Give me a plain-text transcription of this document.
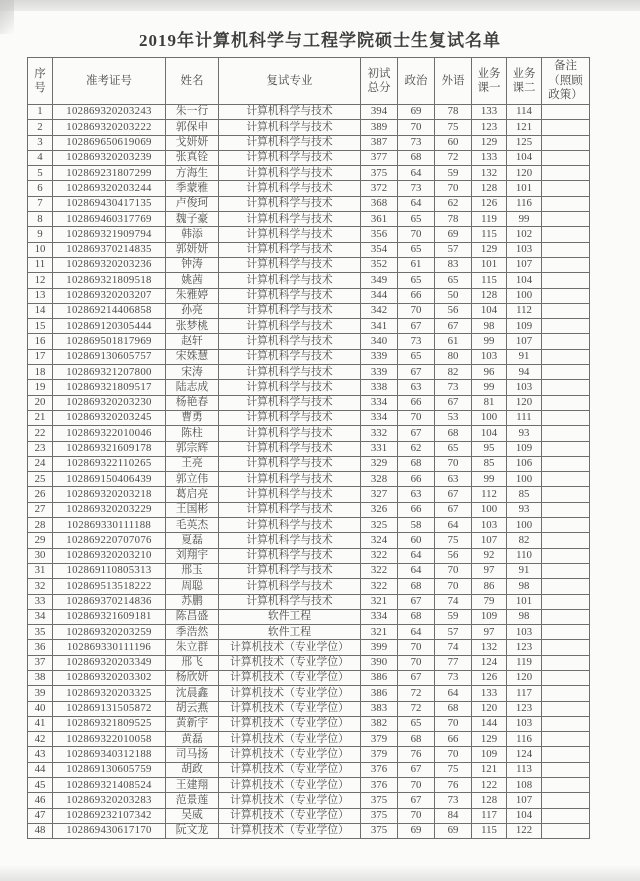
2019年计算机科学与工程学院硕士生复试名单
序号	准考证号	姓名	复试专业	初试总分	政治	外语	业务课一	业务课二	备注（照顾政策）
1	102869320203243	朱一行	计算机科学与技术	394	69	78	133	114	
2	102869320203222	郭保申	计算机科学与技术	389	70	75	123	121	
3	102869650619069	戈妍妍	计算机科学与技术	387	73	60	129	125	
4	102869320203239	张真铨	计算机科学与技术	377	68	72	133	104	
5	102869231807299	方海生	计算机科学与技术	375	64	59	132	120	
6	102869320203244	季蒙雅	计算机科学与技术	372	73	70	128	101	
7	102869430417135	卢俊珂	计算机科学与技术	368	64	62	126	116	
8	102869460317769	魏子豪	计算机科学与技术	361	65	78	119	99	
9	102869321909794	韩添	计算机科学与技术	356	70	69	115	102	
10	102869370214835	郭妍妍	计算机科学与技术	354	65	57	129	103	
11	102869320203236	钟涛	计算机科学与技术	352	61	83	101	107	
12	102869321809518	姚茜	计算机科学与技术	349	65	65	115	104	
13	102869320203207	朱雅婷	计算机科学与技术	344	66	50	128	100	
14	102869214406858	孙亮	计算机科学与技术	342	70	56	104	112	
15	102869120305444	张梦桃	计算机科学与技术	341	67	67	98	109	
16	102869501817969	赵轩	计算机科学与技术	340	73	61	99	107	
17	102869130605757	宋姝慧	计算机科学与技术	339	65	80	103	91	
18	102869321207800	宋涛	计算机科学与技术	339	67	82	96	94	
19	102869321809517	陆志成	计算机科学与技术	338	63	73	99	103	
20	102869320203230	杨艳春	计算机科学与技术	334	66	67	81	120	
21	102869320203245	曹勇	计算机科学与技术	334	70	53	100	111	
22	102869322010046	陈柱	计算机科学与技术	332	67	68	104	93	
23	102869321609178	郭宗辉	计算机科学与技术	331	62	65	95	109	
24	102869322110265	王亮	计算机科学与技术	329	68	70	85	106	
25	102869150406439	郭立伟	计算机科学与技术	328	66	63	99	100	
26	102869320203218	葛启亮	计算机科学与技术	327	63	67	112	85	
27	102869320203229	王国彬	计算机科学与技术	326	66	67	100	93	
28	102869330111188	毛英杰	计算机科学与技术	325	58	64	103	100	
29	102869220707076	夏磊	计算机科学与技术	324	60	75	107	82	
30	102869320203210	刘翔宇	计算机科学与技术	322	64	56	92	110	
31	102869110805313	邢玉	计算机科学与技术	322	64	70	97	91	
32	102869513518222	周聪	计算机科学与技术	322	68	70	86	98	
33	102869370214836	苏鹏	计算机科学与技术	321	67	74	79	101	
34	102869321609181	陈昌盛	软件工程	334	68	59	109	98	
35	102869320203259	季浩然	软件工程	321	64	57	97	103	
36	102869330111196	朱立群	计算机技术（专业学位）	399	70	74	132	123	
37	102869320203349	邢飞	计算机技术（专业学位）	390	70	77	124	119	
38	102869320203302	杨欣妍	计算机技术（专业学位）	386	67	73	126	120	
39	102869320203325	沈晨鑫	计算机技术（专业学位）	386	72	64	133	117	
40	102869131505872	胡云燕	计算机技术（专业学位）	383	72	68	120	123	
41	102869321809525	黄新宇	计算机技术（专业学位）	382	65	70	144	103	
42	102869322010058	黄磊	计算机技术（专业学位）	379	68	66	129	116	
43	102869340312188	司马扬	计算机技术（专业学位）	379	76	70	109	124	
44	102869130605759	胡政	计算机技术（专业学位）	376	67	75	121	113	
45	102869321408524	王建翔	计算机技术（专业学位）	376	70	76	122	108	
46	102869320203283	范景莲	计算机技术（专业学位）	375	67	73	128	107	
47	102869232107342	吴威	计算机技术（专业学位）	375	70	84	117	104	
48	102869430617170	阮文龙	计算机技术（专业学位）	375	69	69	115	122	
